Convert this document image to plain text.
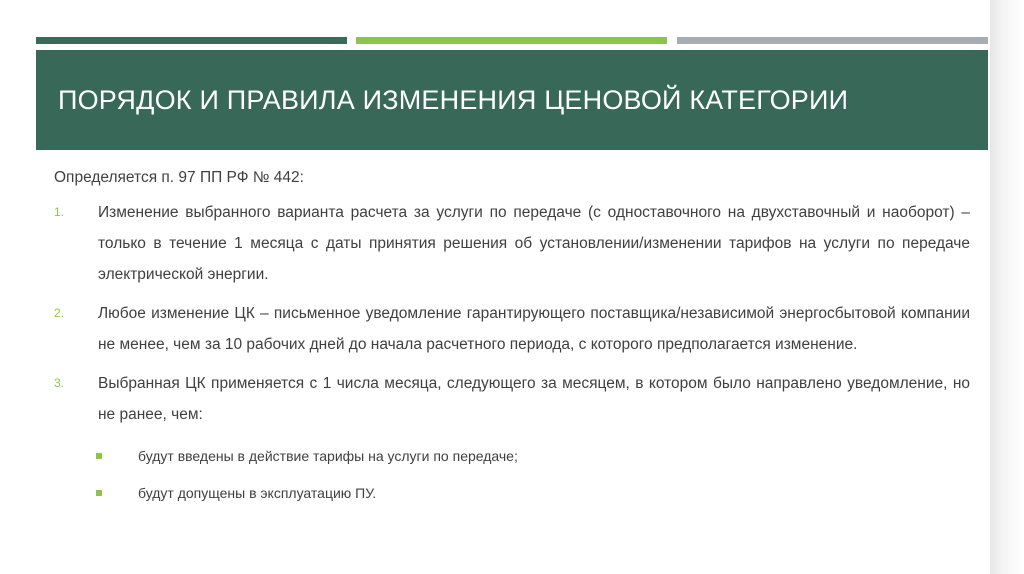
ПОРЯДОК И ПРАВИЛА ИЗМЕНЕНИЯ ЦЕНОВОЙ КАТЕГОРИИ
Определяется п. 97 ПП РФ № 442:
1. Изменение выбранного варианта расчета за услуги по передаче (с одноставочного на двухставочный и наоборот) – только в течение 1 месяца с даты принятия решения об установлении/изменении тарифов на услуги по передаче электрической энергии.
2. Любое изменение ЦК – письменное уведомление гарантирующего поставщика/независимой энергосбытовой компании не менее, чем за 10 рабочих дней до начала расчетного периода, с которого предполагается изменение.
3. Выбранная ЦК применяется с 1 числа месяца, следующего за месяцем, в котором было направлено уведомление, но не ранее, чем:
будут введены в действие тарифы на услуги по передаче;
будут допущены в эксплуатацию ПУ.
